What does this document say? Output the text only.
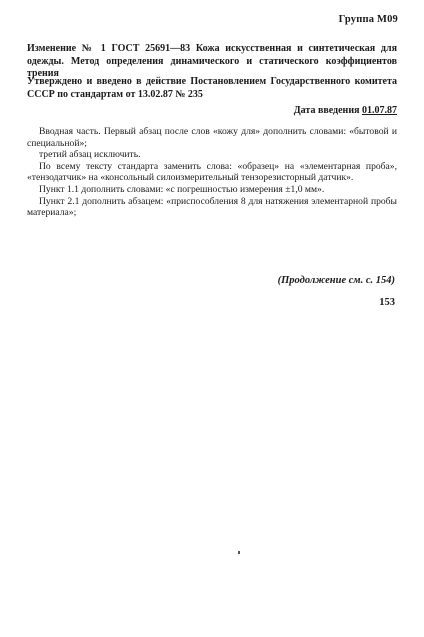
Группа М09
Изменение № 1 ГОСТ 25691—83 Кожа искусственная и синтетическая для одежды. Метод определения динамического и статического коэффициентов трения
Утверждено и введено в действие Постановлением Государственного комитета СССР по стандартам от 13.02.87 № 235
Дата введения 01.07.87

Вводная часть. Первый абзац после слов «кожу для» дополнить словами: «бытовой и специальной»;

третий абзац исключить.

По всему тексту стандарта заменить слова: «образец» на «элементарная проба», «тензодатчик» на «консольный силоизмерительный тензорезисторный датчик».

Пункт 1.1 дополнить словами: «с погрешностью измерения ±1,0 мм».

Пункт 2.1 дополнить абзацем: «приспособления 8 для натяжения элементарной пробы материала»;

(Продолжение см. с. 154)
153
